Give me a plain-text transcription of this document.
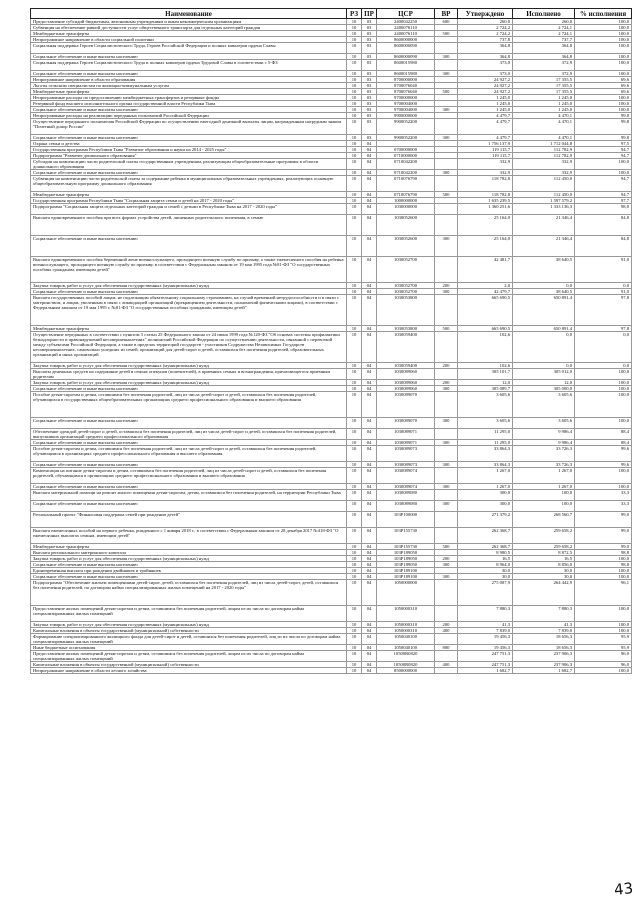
Наименование	РЗ	ПР	ЦСР	ВР	Утверждено	Исполнено	% исполнения
Предоставление субсидий бюджетным, автономным учреждениям и иным некоммерческим организациям	10	03	2400042250	600	260,0	260,0	100,0
Субвенция на обеспечение равной доступности услуг общественного транспорта для отдельных категорий граждан	10	03	2400076110		2 724,2	2 724,1	100,0
Межбюджетные трансферты	10	03	2400076110	500	2 724,2	2 724,1	100,0
Непрограммное направление в области социальной политики	10	03	8600000000		737,8	737,7	100,0
Социальная поддержка Героев Социалистического Труда, Героев Российской Федерации и полных кавалеров ордена Славы	10	03	8600000090		364,8	364,8	100,0
Социальное обеспечение и иные выплаты населению	10	03	8600000090	300	364,8	364,8	100,0
Социальная поддержка Героев Социалистического Труда и полных кавалеров ордена Трудовой Славы в соответствии с 5-ФЗ	10	03	8600015980		373,0	372,9	100,0
Социальное обеспечение и иные выплаты населению	10	03	8600015980	300	373,0	372,9	100,0
Непрограммное направление в области образования	10	03	8700000000		24 927,2	17 355,5	69,6
Льготы сельским специалистам по жилищно-коммунальным услугам	10	03	8700076040		24 927,2	17 355,5	69,6
Межбюджетные трансферты	10	03	8700076040	500	24 927,2	17 355,5	69,6
Непрограммные расходы по предоставлению межбюджетных трансфертов и резервные фонды	10	03	9700000000		1 245,0	1 245,0	100,0
Резервный фонд высшего исполнительного органа государственной власти Республики Тыва	10	03	9700004000		1 245,0	1 245,0	100,0
Социальное обеспечение и иные выплаты населению	10	03	9700004000	300	1 245,0	1 245,0	100,0
Непрограммные расходы на реализацию переданных полномочий Российской Федерации	10	03	9900000000		4 479,7	4 470,1	99,8
Осуществление переданного полномочия Российской Федерации по осуществлению ежегодной денежной выплаты лицам, награжденным нагрудным знаком "Почетный донор России"	10	03	9900052200		4 479,7	4 470,1	99,8
Социальное обеспечение и иные выплаты населению	10	03	9900052200	300	4 479,7	4 470,1	99,8
Охрана семьи и детства	10	04			1 756 137,9	1 712 044,8	97,5
Государственная программа Республики Тыва "Развитие образования и науки на 2014 - 2025 годы"	10	04	0700000000		119 115,7	112 782,9	94,7
Подпрограмма "Развитие дошкольного образования"	10	04	0710000000		119 115,7	112 782,9	94,7
Субсидии на компенсацию части родительской платы государственным учреждениям, реализующим общеобразовательные программы в области дошкольного образования	10	04	0710042200		332,9	332,9	100,0
Социальное обеспечение и иные выплаты населению	10	04	0710042200	300	332,9	332,9	100,0
Субвенция на компенсацию части родительской платы за содержание ребенка в муниципальных образовательных учреждениях, реализующих основную общеобразовательную программу дошкольного образования	10	04	0710076790		118 782,8	112 450,0	94,7
Межбюджетные трансферты	10	04	0710076790	500	118 782,8	112 450,0	94,7
Государственная программа Республики Тыва "Социальная защита семьи и детей на 2017 - 2020 годы"	10	04	1000000000		1 635 239,5	1 597 579,2	97,7
Подпрограмма "Социальная защита отдельных категорий граждан и семей с детьми в Республике Тыва на 2017 - 2020 годы"	10	04	1030000000		1 360 251,6	1 333 136,3	98,0
Выплата единовременного пособия при всех формах устройства детей, лишенных родительского попечения, в семью	10	04	1030052600		25 164,0	21 346,4	84,8
Социальное обеспечение и иные выплаты населению	10	04	1030052600	300	25 164,0	21 346,4	84,8
Выплата единовременного пособия беременной жене военнослужащего, проходящего военную службу по призыву, а также ежемесячного пособия на ребенка военнослужащего, проходящего военную службу по призыву, в соответствии с Федеральным законом от 19 мая 1995 года №81-ФЗ "О государственных пособиях гражданам, имеющим детей"	10	04	1030052700		42 481,7	38 640,5	91,0
Закупка товаров, работ и услуг для обеспечения государственных (муниципальных) нужд	10	04	1030052700	200	2,0	0,0	0,0
Социальное обеспечение и иные выплаты населению	10	04	1030052700	300	42 479,7	38 640,5	91,0
Выплата государственных пособий лицам, не подлежащим обязательному социальному страхованию, на случай временной нетрудоспособности и в связи с материнством, и лицам, уволенным в связи с ликвидацией организаций (прекращением деятельности, полномочий физическими лицами), в соответствии с Федеральным законом от 19 мая 1995 г. №81-ФЗ "О государственных пособиях гражданам, имеющим детей"	10	04	1030053800		665 690,5	650 891,4	97,8
Межбюджетные трансферты	10	04	1030053800	500	665 690,5	650 891,4	97,8
Осуществление переданных в соответствии с пунктом 3 статьи 25 Федерального закона от 24 июня 1999 года №120-ФЗ "Об основах системы профилактики безнадзорности и правонарушений несовершеннолетних" полномочий Российской Федерации по осуществлению деятельности, связанной с перевозкой между субъектами Российской Федерации, а также в пределах территорий государств - участников Содружества Независимых Государств несовершеннолетних, самовольно ушедших из семей, организаций для детей-сирот и детей, оставшихся без попечения родителей, образовательных организаций и иных организаций	10	04	1030059400		102,6	0,0	0,0
Закупка товаров, работ и услуг для обеспечения государственных (муниципальных) нужд	10	04	1030059400	200	102,6	0,0	0,0
Выплаты денежных средств на содержание детей в семьях опекунов (попечителей), в приемных семьях и вознаграждения, причитающегося приемным родителям	10	04	1030089060		305 101,7	305 012,0	100,0
Закупка товаров, работ и услуг для обеспечения государственных (муниципальных) нужд	10	04	1030089060	200	12,0	12,0	100,0
Социальное обеспечение и иные выплаты населению	10	04	1030089060	300	305 089,7	305 000,0	100,0
Пособие детям-сиротам и детям, оставшимся без попечения родителей, лиц из числа детей-сирот и детей, оставшихся без попечения родителей, обучающихся в государственных общеобразовательных организациях среднего профессионального образования и высшего образования	10	04	1030089070		3 605,6	3 605,6	100,0
Социальное обеспечение и иные выплаты населению	10	04	1030089070	300	3 605,6	3 605,6	100,0
Обеспечение одеждой детей-сирот и детей, оставшихся без попечения родителей, лиц из числа детей-сирот и детей, оставшихся без попечения родителей, выпускников организаций среднего профессионального образования	10	04	1030089071		11 295,0	9 986,4	88,4
Социальное обеспечение и иные выплаты населению	10	04	1030089071	300	11 295,0	9 986,4	88,4
Пособие детям-сиротам и детям, оставшимся без попечения родителей, лиц из числа детей-сирот и детей, оставшихся без попечения родителей, обучающимся в организациях среднего профессионального образования и высшего образования	10	04	1030089073		33 864,3	33 726,3	99,6
Социальное обеспечение и иные выплаты населению	10	04	1030089073	300	33 864,3	33 726,3	99,6
Компенсация на питание детям-сиротам и детям, оставшимся без попечения родителей, лиц из числа детей-сирот и детей, оставшихся без попечения родителей, обучающимся в организациях среднего профессионального образования и высшего образования	10	04	1030089074		1 267,0	1 267,0	100,0
Социальное обеспечение и иные выплаты населению	10	04	1030089074	300	1 267,0	1 267,0	100,0
Выплата материальной помощи на ремонт жилого помещения детям-сиротам, детям, оставшимся без попечения родителей, на территории Республики Тыва	10	04	1030089080		300,0	100,0	33,3
Социальное обеспечение и иные выплаты населению	10	04	1030089080	300	300,0	100,0	33,3
Региональный проект "Финансовая поддержка семей при рождении детей"	10	04	103P100000		271 379,2	268 560,7	99,0
Выплата ежемесячных пособий на первого ребенка, рожденного с 1 января 2018 г., в соответствии с Федеральным законом от 28 декабря 2017 №418-ФЗ "О ежемесячных выплатах семьям, имеющим детей"	10	04	103P155730		262 368,7	259 658,2	99,0
Межбюджетные трансферты	10	04	103P155730	500	262 368,7	259 658,2	99,0
Выплата регионального материнского капитала	10	04	103P189050		8 980,5	8 872,5	98,8
Закупка товаров, работ и услуг для обеспечения государственных (муниципальных) нужд	10	04	103P189050	200	16,5	16,5	100,0
Социальное обеспечение и иные выплаты населению	10	04	103P189050	300	8 964,0	8 856,0	98,8
Единовременная выплата при рождении двойняшек и тройняшек	10	04	103P189100		30,0	30,0	100,0
Социальное обеспечение и иные выплаты населению	10	04	103P189100	300	30,0	30,0	100,0
Подпрограмма "Обеспечение жильем помещениями детей-сирот, детей, оставшихся без попечения родителей, лиц из числа детей-сирот, детей, оставшихся без попечения родителей, по договорам найма специализированных жилых помещений на 2017 - 2020 годы"	10	04	1050000000		275 087,9	264 442,9	96,1
Предоставление жилых помещений детям-сиротам и детям, оставшимся без попечения родителей, лицам из их числа по договорам найма специализированных жилых помещений	10	04	1050000310		7 880,3	7 880,3	100,0
Закупка товаров, работ и услуг для обеспечения государственных (муниципальных) нужд	10	04	1050000310	200	41,3	41,3	100,0
Капитальные вложения в объекты государственной (муниципальной) собственности	10	04	1050000310	400	7 839,0	7 839,0	100,0
Формирование специализированного жилищного фонда для детей-сирот и детей, оставшихся без попечения родителей, лиц из их числа по договорам найма специализированных жилых помещений	10	04	1050040100		19 456,3	18 656,3	95,9
Иные бюджетные ассигнования	10	04	1050040100	800	19 456,3	18 656,3	95,9
Предоставление жилых помещений детям-сиротам и детям, оставшимся без попечения родителей, лицам из их числа по договорам найма специализированных жилых помещений	10	04	10500R0820		247 751,3	237 906,3	96,0
Капитальные вложения в объекты государственной (муниципальной) собственности	10	04	10500R0820	400	247 751,3	237 906,3	96,0
Непрограммное направление в области лесного хозяйства	10	04	8500000000		1 682,7	1 682,7	100,0
43
